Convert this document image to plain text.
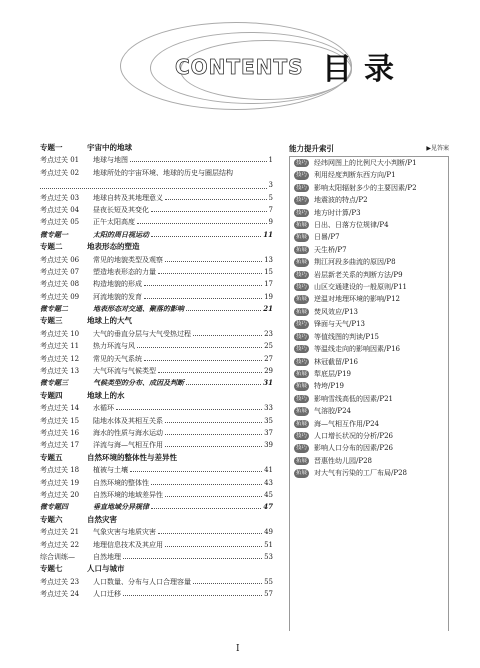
CONTENTS 目录
专题一	宇宙中的地球
考点过关 01	地球与地图	1
考点过关 02	地球所处的宇宙环境、地球的历史与圈层结构
3
考点过关 03	地球自转及其地理意义	5
考点过关 04	昼夜长短及其变化	7
考点过关 05	正午太阳高度	9
微专题一	太阳的周日视运动	11
专题二	地表形态的塑造
考点过关 06	常见的地貌类型及观察	13
考点过关 07	塑造地表形态的力量	15
考点过关 08	构造地貌的形成	17
考点过关 09	河流地貌的发育	19
微专题二	地表形态对交通、聚落的影响	21
专题三	地球上的大气
考点过关 10	大气的垂直分层与大气受热过程	23
考点过关 11	热力环流与风	25
考点过关 12	常见的天气系统	27
考点过关 13	大气环流与气候类型	29
微专题三	气候类型的分布、成因及判断	31
专题四	地球上的水
考点过关 14	水循环	33
考点过关 15	陆地水体及其相互关系	35
考点过关 16	海水的性质与海水运动	37
考点过关 17	洋流与海—气相互作用	39
专题五	自然环境的整体性与差异性
考点过关 18	植被与土壤	41
考点过关 19	自然环境的整体性	43
考点过关 20	自然环境的地域差异性	45
微专题四	垂直地域分异规律	47
专题六	自然灾害
考点过关 21	气象灾害与地质灾害	49
考点过关 22	地理信息技术及其应用	51
综合训练—	自然地理	53
专题七	人口与城市
考点过关 23	人口数量、分布与人口合理容量	55
考点过关 24	人口迁移	57
能力提升索引	▶见答案
技巧 经纬网图上的比例尺大小判断/P1
技巧 利用经度判断东西方向/P1
技巧 影响太阳辐射多少的主要因素/P2
技巧 地震波的特点/P2
技巧 地方时计算/P3
拓展 日出、日落方位规律/P4
拓展 日晷/P7
拓展 天生桥/P7
拓展 荆江河段多曲流的原因/P8
技巧 岩层新老关系的判断方法/P9
技巧 山区交通建设的一般原则/P11
拓展 逆温对地理环境的影响/P12
拓展 焚风效应/P13
技巧 锋面与天气/P13
技巧 等值线图的判读/P15
技巧 等温线走向的影响因素/P16
技巧 林冠截留/P16
拓展 犁底层/P19
拓展 特垮/P19
技巧 影响雪线高低的因素/P21
拓展 气溶胶/P24
拓展 海—气相互作用/P24
技巧 人口增长状况的分析/P26
技巧 影响人口分布的因素/P26
拓展 晋惠性幼儿园/P28
拓展 对大气有污染的工厂布局/P28
I
